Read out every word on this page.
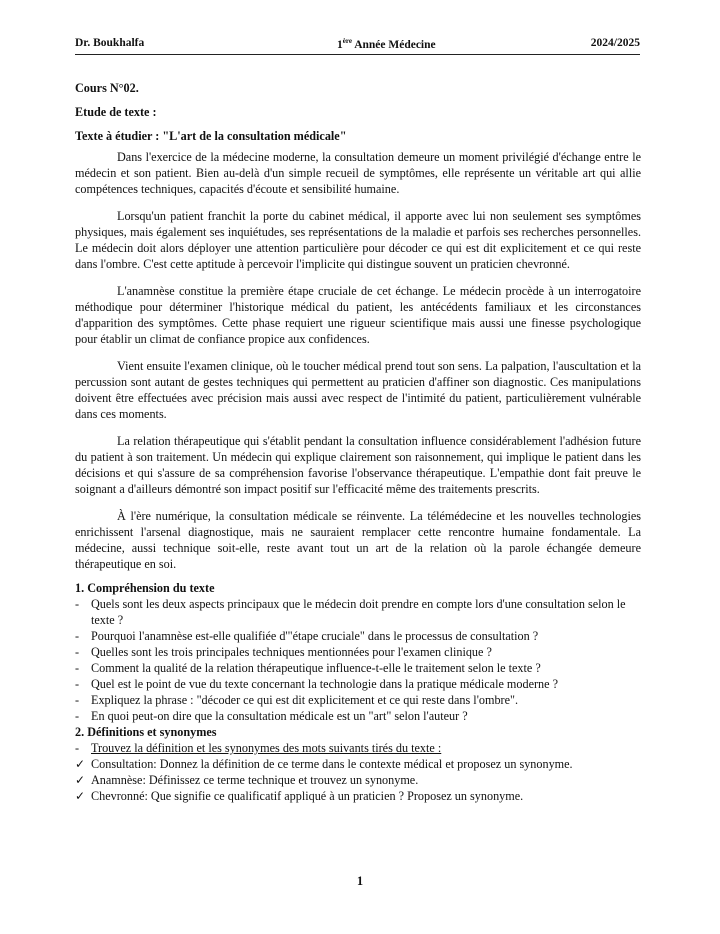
Dr. Boukhalfa	1ère Année Médecine	2024/2025

Cours N°02.

Etude de texte :

Texte à étudier : "L'art de la consultation médicale"

Dans l'exercice de la médecine moderne, la consultation demeure un moment privilégié d'échange entre le médecin et son patient. Bien au-delà d'un simple recueil de symptômes, elle représente un véritable art qui allie compétences techniques, capacités d'écoute et sensibilité humaine.

Lorsqu'un patient franchit la porte du cabinet médical, il apporte avec lui non seulement ses symptômes physiques, mais également ses inquiétudes, ses représentations de la maladie et parfois ses recherches personnelles. Le médecin doit alors déployer une attention particulière pour décoder ce qui est dit explicitement et ce qui reste dans l'ombre. C'est cette aptitude à percevoir l'implicite qui distingue souvent un praticien chevronné.

L'anamnèse constitue la première étape cruciale de cet échange. Le médecin procède à un interrogatoire méthodique pour déterminer l'historique médical du patient, les antécédents familiaux et les circonstances d'apparition des symptômes. Cette phase requiert une rigueur scientifique mais aussi une finesse psychologique pour établir un climat de confiance propice aux confidences.

Vient ensuite l'examen clinique, où le toucher médical prend tout son sens. La palpation, l'auscultation et la percussion sont autant de gestes techniques qui permettent au praticien d'affiner son diagnostic. Ces manipulations doivent être effectuées avec précision mais aussi avec respect de l'intimité du patient, particulièrement vulnérable dans ces moments.

La relation thérapeutique qui s'établit pendant la consultation influence considérablement l'adhésion future du patient à son traitement. Un médecin qui explique clairement son raisonnement, qui implique le patient dans les décisions et qui s'assure de sa compréhension favorise l'observance thérapeutique. L'empathie dont fait preuve le soignant a d'ailleurs démontré son impact positif sur l'efficacité même des traitements prescrits.

À l'ère numérique, la consultation médicale se réinvente. La télémédecine et les nouvelles technologies enrichissent l'arsenal diagnostique, mais ne sauraient remplacer cette rencontre humaine fondamentale. La médecine, aussi technique soit-elle, reste avant tout un art de la relation où la parole échangée demeure thérapeutique en soi.

1. Compréhension du texte

- Quels sont les deux aspects principaux que le médecin doit prendre en compte lors d'une consultation selon le texte ?
- Pourquoi l'anamnèse est-elle qualifiée d'"étape cruciale" dans le processus de consultation ?
- Quelles sont les trois principales techniques mentionnées pour l'examen clinique ?
- Comment la qualité de la relation thérapeutique influence-t-elle le traitement selon le texte ?
- Quel est le point de vue du texte concernant la technologie dans la pratique médicale moderne ?
- Expliquez la phrase : "décoder ce qui est dit explicitement et ce qui reste dans l'ombre".
- En quoi peut-on dire que la consultation médicale est un "art" selon l'auteur ?

2. Définitions et synonymes

- Trouvez la définition et les synonymes des mots suivants tirés du texte :
✓ Consultation: Donnez la définition de ce terme dans le contexte médical et proposez un synonyme.
✓ Anamnèse: Définissez ce terme technique et trouvez un synonyme.
✓ Chevronné: Que signifie ce qualificatif appliqué à un praticien ? Proposez un synonyme.
1
